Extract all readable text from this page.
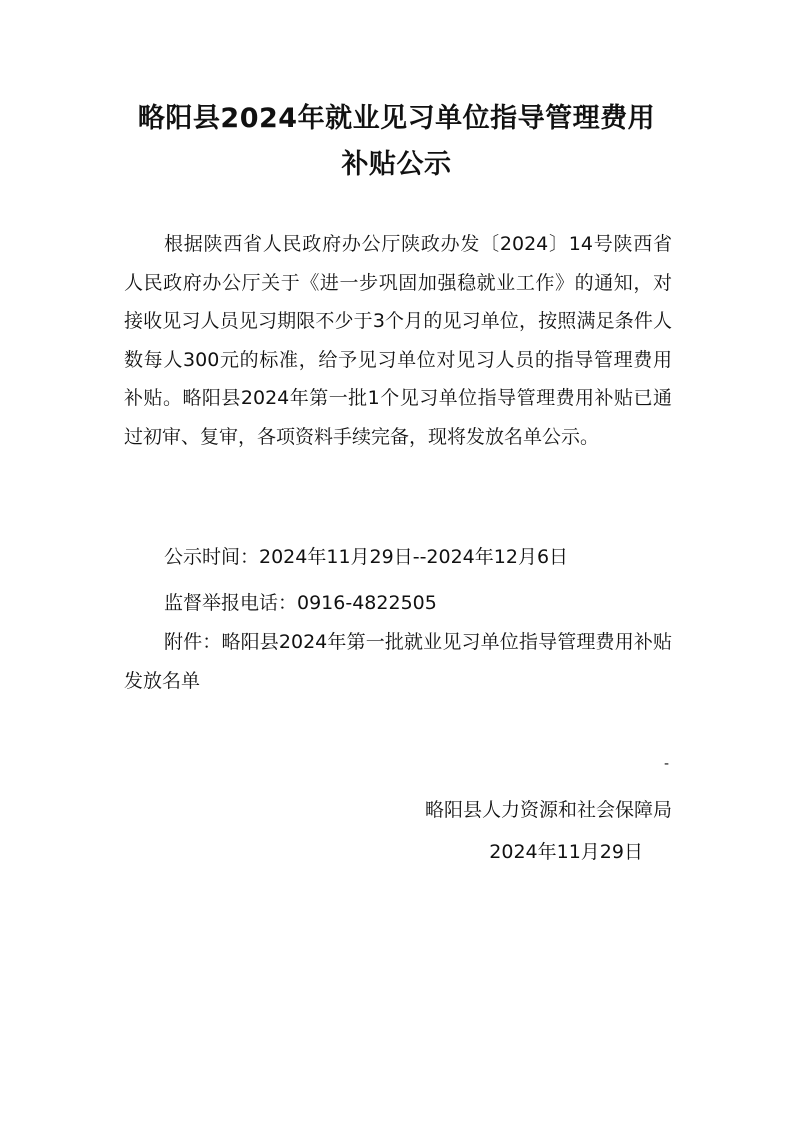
略阳县2024年就业见习单位指导管理费用
补贴公示

根据陕西省人民政府办公厅陕政办发〔2024〕14号陕西省人民政府办公厅关于《进一步巩固加强稳就业工作》的通知，对接收见习人员见习期限不少于3个月的见习单位，按照满足条件人数每人300元的标准，给予见习单位对见习人员的指导管理费用补贴。略阳县2024年第一批1个见习单位指导管理费用补贴已通过初审、复审，各项资料手续完备，现将发放名单公示。

公示时间：2024年11月29日--2024年12月6日

监督举报电话：0916-4822505

附件：略阳县2024年第一批就业见习单位指导管理费用补贴发放名单

-

略阳县人力资源和社会保障局

2024年11月29日
